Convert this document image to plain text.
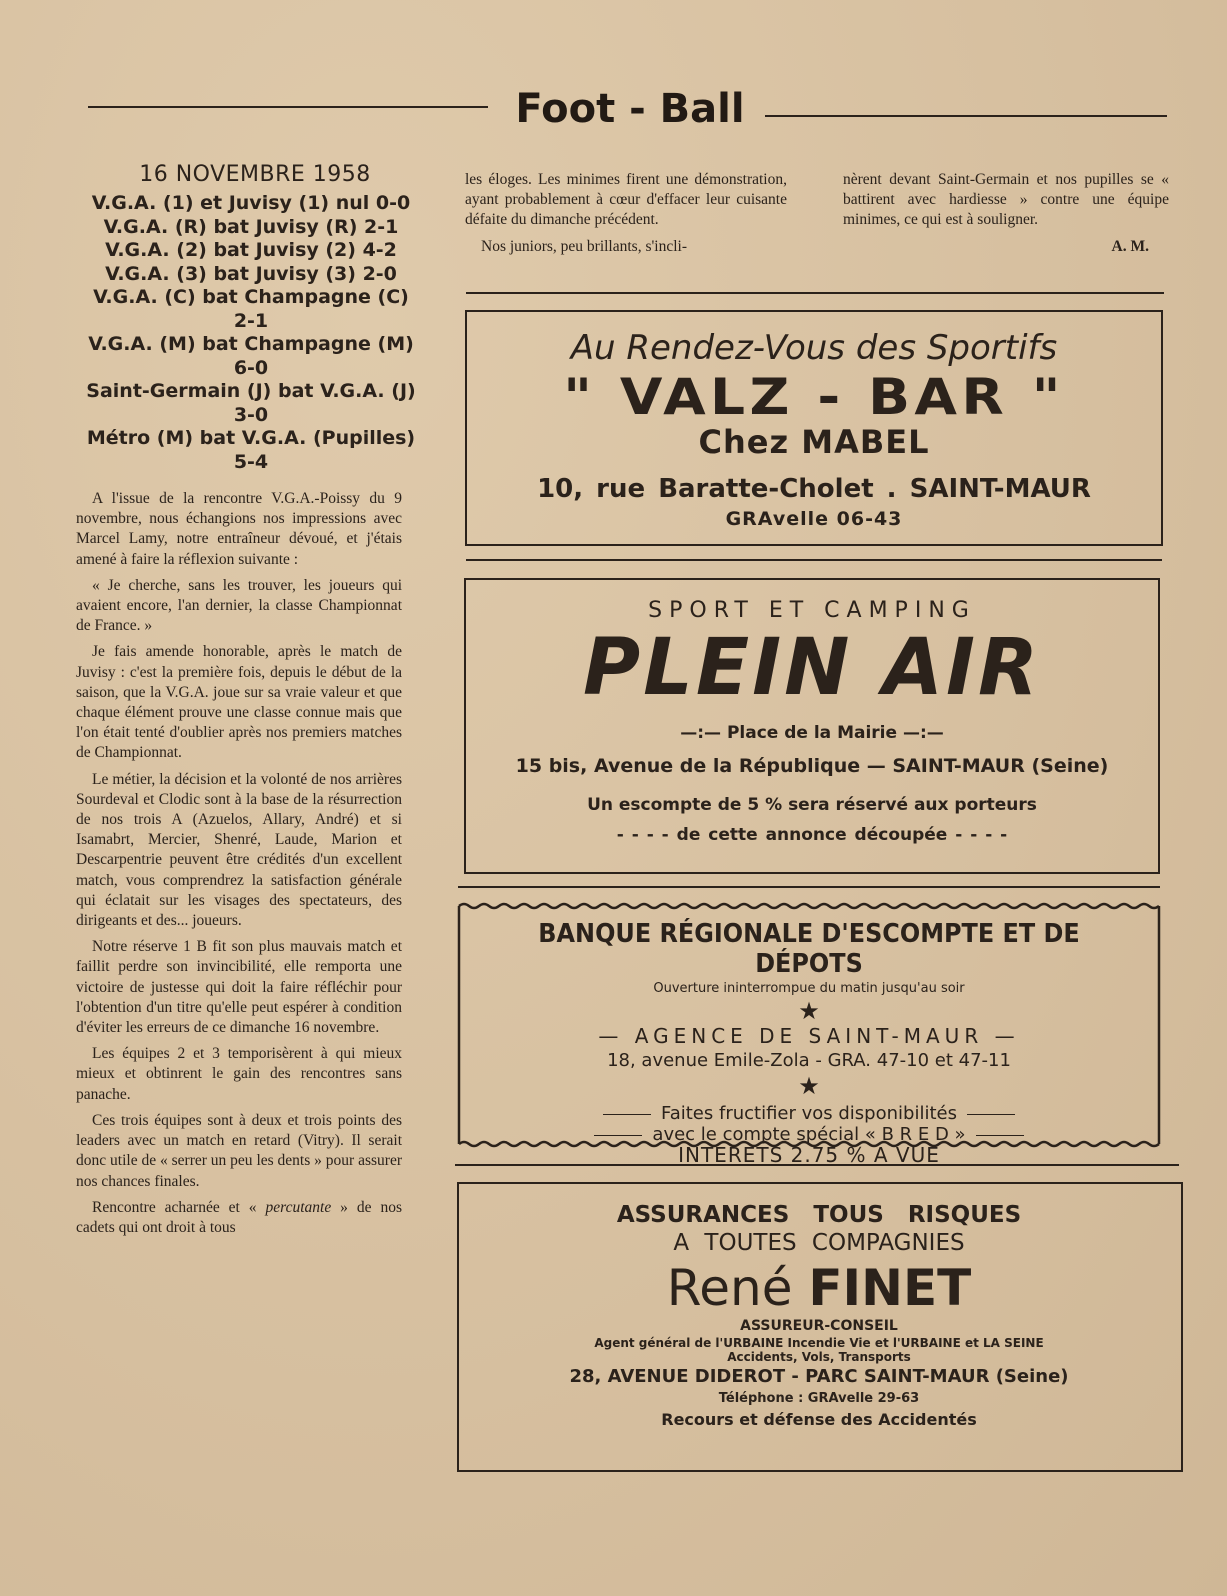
Foot - Ball
16 NOVEMBRE 1958
V.G.A. (1) et Juvisy (1) nul 0-0
V.G.A. (R) bat Juvisy (R) 2-1
V.G.A. (2) bat Juvisy (2) 4-2
V.G.A. (3) bat Juvisy (3) 2-0
V.G.A. (C) bat Champagne (C)
2-1
V.G.A. (M) bat Champagne (M)
6-0
Saint-Germain (J) bat V.G.A. (J)
3-0
Métro (M) bat V.G.A. (Pupilles)
5-4

A l'issue de la rencontre V.G.A.-Poissy du 9 novembre, nous échangions nos impressions avec Marcel Lamy, notre entraîneur dévoué, et j'étais amené à faire la réflexion suivante :

« Je cherche, sans les trouver, les joueurs qui avaient encore, l'an dernier, la classe Championnat de France. »

Je fais amende honorable, après le match de Juvisy : c'est la première fois, depuis le début de la saison, que la V.G.A. joue sur sa vraie valeur et que chaque élément prouve une classe connue mais que l'on était tenté d'oublier après nos premiers matches de Championnat.

Le métier, la décision et la volonté de nos arrières Sourdeval et Clodic sont à la base de la résurrection de nos trois A (Azuelos, Allary, André) et si Isamabrt, Mercier, Shenré, Laude, Marion et Descarpentrie peuvent être crédités d'un excellent match, vous comprendrez la satisfaction générale qui éclatait sur les visages des spectateurs, des dirigeants et des... joueurs.

Notre réserve 1 B fit son plus mauvais match et faillit perdre son invincibilité, elle remporta une victoire de justesse qui doit la faire réfléchir pour l'obtention d'un titre qu'elle peut espérer à condition d'éviter les erreurs de ce dimanche 16 novembre.

Les équipes 2 et 3 temporisèrent à qui mieux mieux et obtinrent le gain des rencontres sans panache.

Ces trois équipes sont à deux et trois points des leaders avec un match en retard (Vitry). Il serait donc utile de « serrer un peu les dents » pour assurer nos chances finales.

Rencontre acharnée et « percutante » de nos cadets qui ont droit à tous

les éloges. Les minimes firent une démonstration, ayant probablement à cœur d'effacer leur cuisante défaite du dimanche précédent.

Nos juniors, peu brillants, s'incli-

nèrent devant Saint-Germain et nos pupilles se « battirent avec hardiesse » contre une équipe minimes, ce qui est à souligner.

A. M.
Au Rendez-Vous des Sportifs
" VALZ - BAR "
Chez MABEL
10, rue Baratte-Cholet . SAINT-MAUR
GRAvelle 06-43
SPORT ET CAMPING
PLEIN AIR
—:— Place de la Mairie —:—
15 bis, Avenue de la République — SAINT-MAUR (Seine)
Un escompte de 5 % sera réservé aux porteurs
- - - - de cette annonce découpée - - - -
BANQUE RÉGIONALE D'ESCOMPTE ET DE DÉPOTS
Ouverture ininterrompue du matin jusqu'au soir
★
— AGENCE DE SAINT-MAUR —
18, avenue Emile-Zola - GRA. 47-10 et 47-11
★
Faites fructifier vos disponibilités
avec le compte spécial « B R E D »
INTERETS 2.75 % A VUE
ASSURANCES TOUS RISQUES
A TOUTES COMPAGNIES
René FINET
ASSUREUR-CONSEIL
Agent général de l'URBAINE Incendie Vie et l'URBAINE et LA SEINE
Accidents, Vols, Transports
28, AVENUE DIDEROT - PARC SAINT-MAUR (Seine)
Téléphone : GRAvelle 29-63
Recours et défense des Accidentés
